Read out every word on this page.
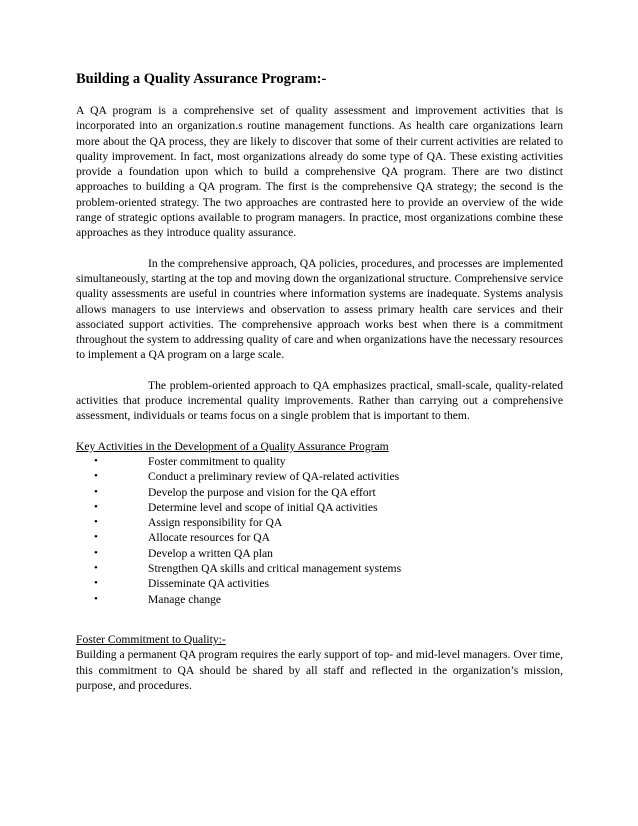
Building a Quality Assurance Program:-

A QA program is a comprehensive set of quality assessment and improvement activities that is incorporated into an organization.s routine management functions. As health care organizations learn more about the QA process, they are likely to discover that some of their current activities are related to quality improvement. In fact, most organizations already do some type of QA. These existing activities provide a foundation upon which to build a comprehensive QA program. There are two distinct approaches to building a QA program. The first is the comprehensive QA strategy; the second is the problem-oriented strategy. The two approaches are contrasted here to provide an overview of the wide range of strategic options available to program managers. In practice, most organizations combine these approaches as they introduce quality assurance.

In the comprehensive approach, QA policies, procedures, and processes are implemented simultaneously, starting at the top and moving down the organizational structure. Comprehensive service quality assessments are useful in countries where information systems are inadequate. Systems analysis allows managers to use interviews and observation to assess primary health care services and their associated support activities. The comprehensive approach works best when there is a commitment throughout the system to addressing quality of care and when organizations have the necessary resources to implement a QA program on a large scale.

The problem-oriented approach to QA emphasizes practical, small-scale, quality-related activities that produce incremental quality improvements. Rather than carrying out a comprehensive assessment, individuals or teams focus on a single problem that is important to them.

Key Activities in the Development of a Quality Assurance Program
•	Foster commitment to quality
•	Conduct a preliminary review of QA-related activities
•	Develop the purpose and vision for the QA effort
•	Determine level and scope of initial QA activities
•	Assign responsibility for QA
•	Allocate resources for QA
•	Develop a written QA plan
•	Strengthen QA skills and critical management systems
•	Disseminate QA activities
•	Manage change
Foster Commitment to Quality:-

Building a permanent QA program requires the early support of top- and mid-level managers. Over time, this commitment to QA should be shared by all staff and reflected in the organization’s mission, purpose, and procedures.
